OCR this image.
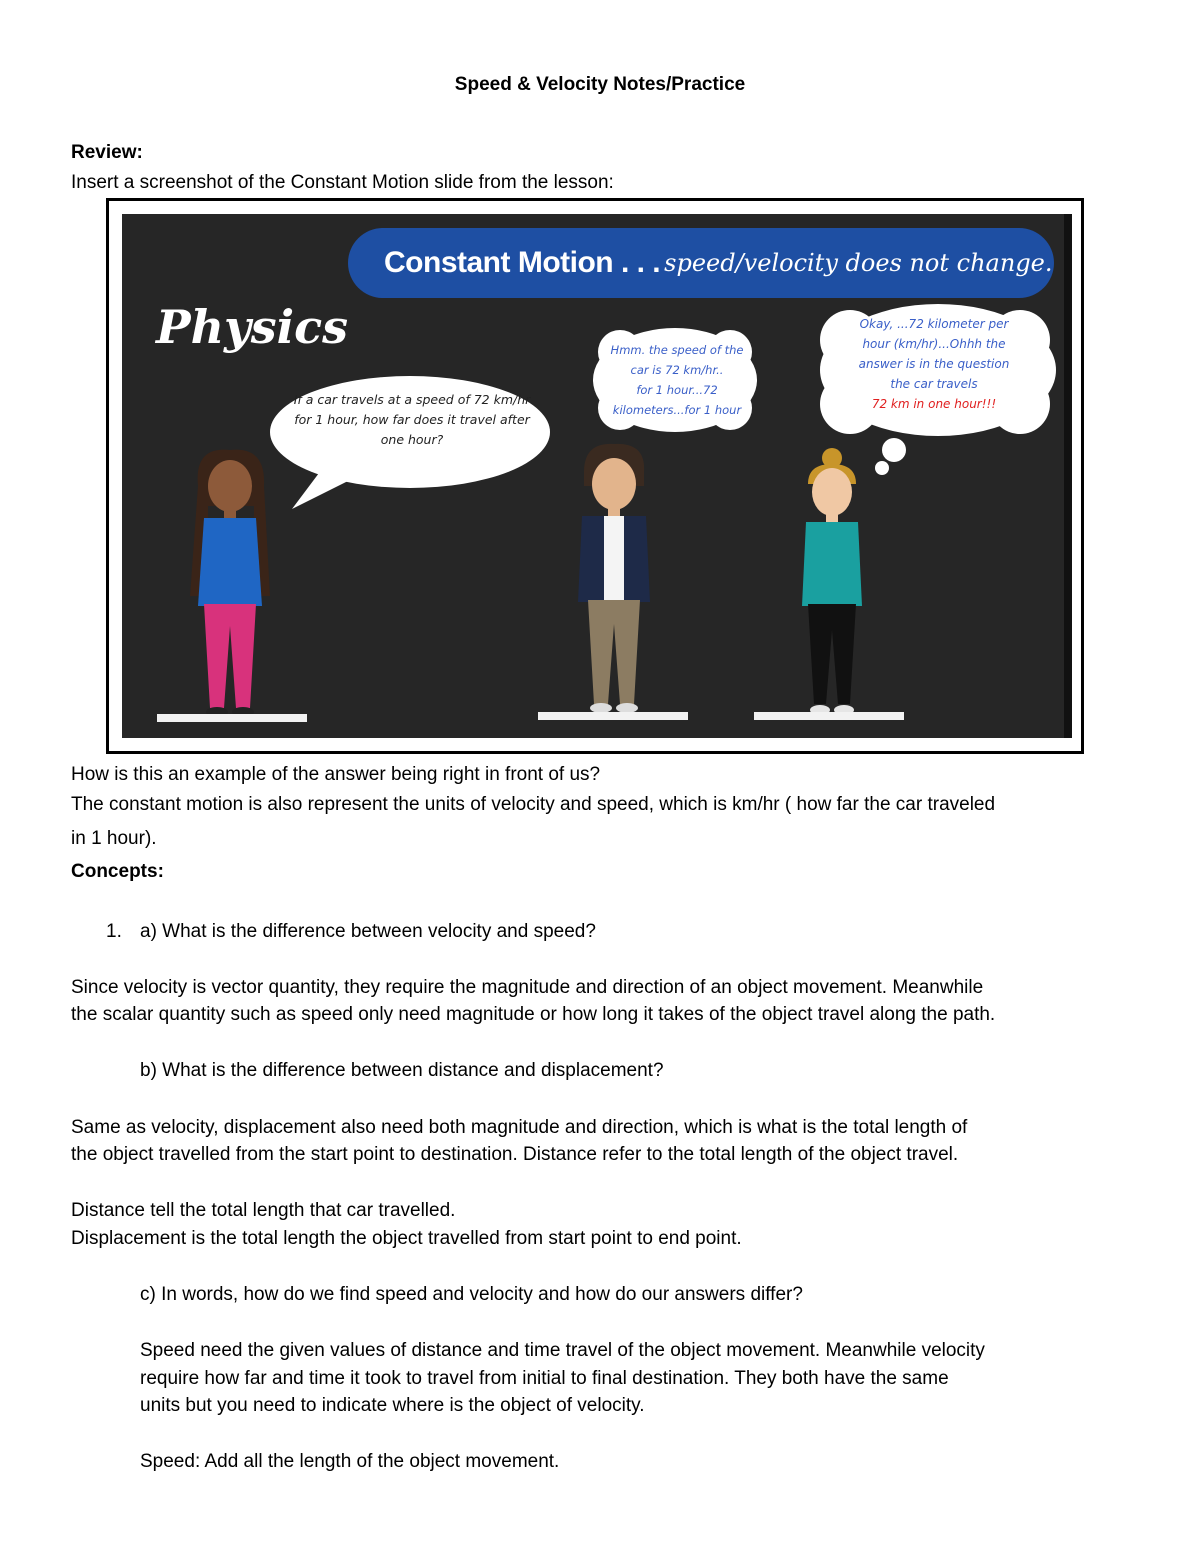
Speed & Velocity Notes/Practice
Review:
Insert a screenshot of the Constant Motion slide from the lesson:
Constant Motion . . . speed/velocity does not change.
Physics
If a car travels at a speed of 72 km/hr
for 1 hour, how far does it travel after
one hour?
Hmm. the speed of the
car is 72 km/hr..
for 1 hour...72
kilometers...for 1 hour
Okay, ...72 kilometer per
hour (km/hr)...Ohhh the
answer is in the question
the car travels
72 km in one hour!!!
How is this an example of the answer being right in front of us?
The constant motion is also represent the units of velocity and speed, which is km/hr ( how far the car traveled
in 1 hour).
Concepts:
1. a) What is the difference between velocity and speed?
Since velocity is vector quantity, they require the magnitude and direction of an object movement. Meanwhile
the scalar quantity such as speed only need magnitude or how long it takes of the object travel along the path.
b) What is the difference between distance and displacement?
Same as velocity, displacement also need both magnitude and direction, which is what is the total length of
the object travelled from the start point to destination. Distance refer to the total length of the object travel.
Distance tell the total length that car travelled.
Displacement is the total length the object travelled from start point to end point.
c) In words, how do we find speed and velocity and how do our answers differ?
Speed need the given values of distance and time travel of the object movement. Meanwhile velocity
require how far and time it took to travel from initial to final destination. They both have the same
units but you need to indicate where is the object of velocity.
Speed: Add all the length of the object movement.
